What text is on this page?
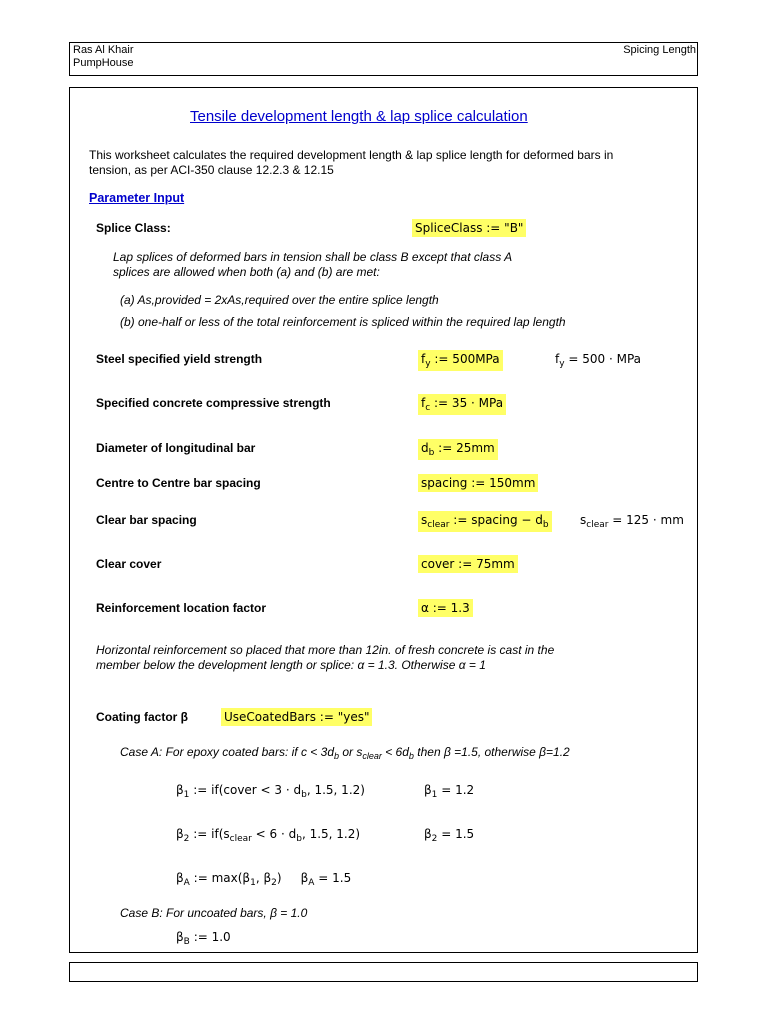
Ras Al Khair
PumpHouse
Spicing Length
Tensile development length & lap splice calculation
This worksheet calculates the required development length & lap splice length for deformed bars in
tension, as per ACI-350 clause 12.2.3 & 12.15
Parameter Input
Splice Class:	SpliceClass := "B"
Lap splices of deformed bars in tension shall be class B except that class A
splices are allowed when both (a) and (b) are met:
(a) As,provided = 2xAs,required over the entire splice length
(b) one-half or less of the total reinforcement is spliced within the required lap length
Steel specified yield strength	$f_y$ := 500MPa	$f_y = 500$ · MPa
Specified concrete compressive strength	$f_c$ := 35 · MPa
Diameter of longitudinal bar	$d_b$ := 25mm
Centre to Centre bar spacing	spacing := 150mm
Clear bar spacing	$s_{clear}$ := spacing − $d_b$	$s_{clear} = 125$ · mm
Clear cover	cover := 75mm
Reinforcement location factor	α := 1.3
Horizontal reinforcement so placed that more than 12in. of fresh concrete is cast in the
member below the development length or splice: α = 1.3. Otherwise α = 1
Coating factor β	UseCoatedBars := "yes"
Case A: For epoxy coated bars: if $c < 3d_b$ or $s_{clear} < 6d_b$ then β =1.5, otherwise β=1.2
$\beta_1$ := if(cover < $3 \cdot d_b$, 1.5, 1.2)	$\beta_1 = 1.2$
$\beta_2$ := $if(s_{clear} < 6 \cdot d_b$, 1.5, 1.2)	$\beta_2 = 1.5$
$\beta_A$ := $\max(\beta_1$, $\beta_2$) $\beta_A = 1.5$
Case B: For uncoated bars, β = 1.0
$\beta_B$ := 1.0
